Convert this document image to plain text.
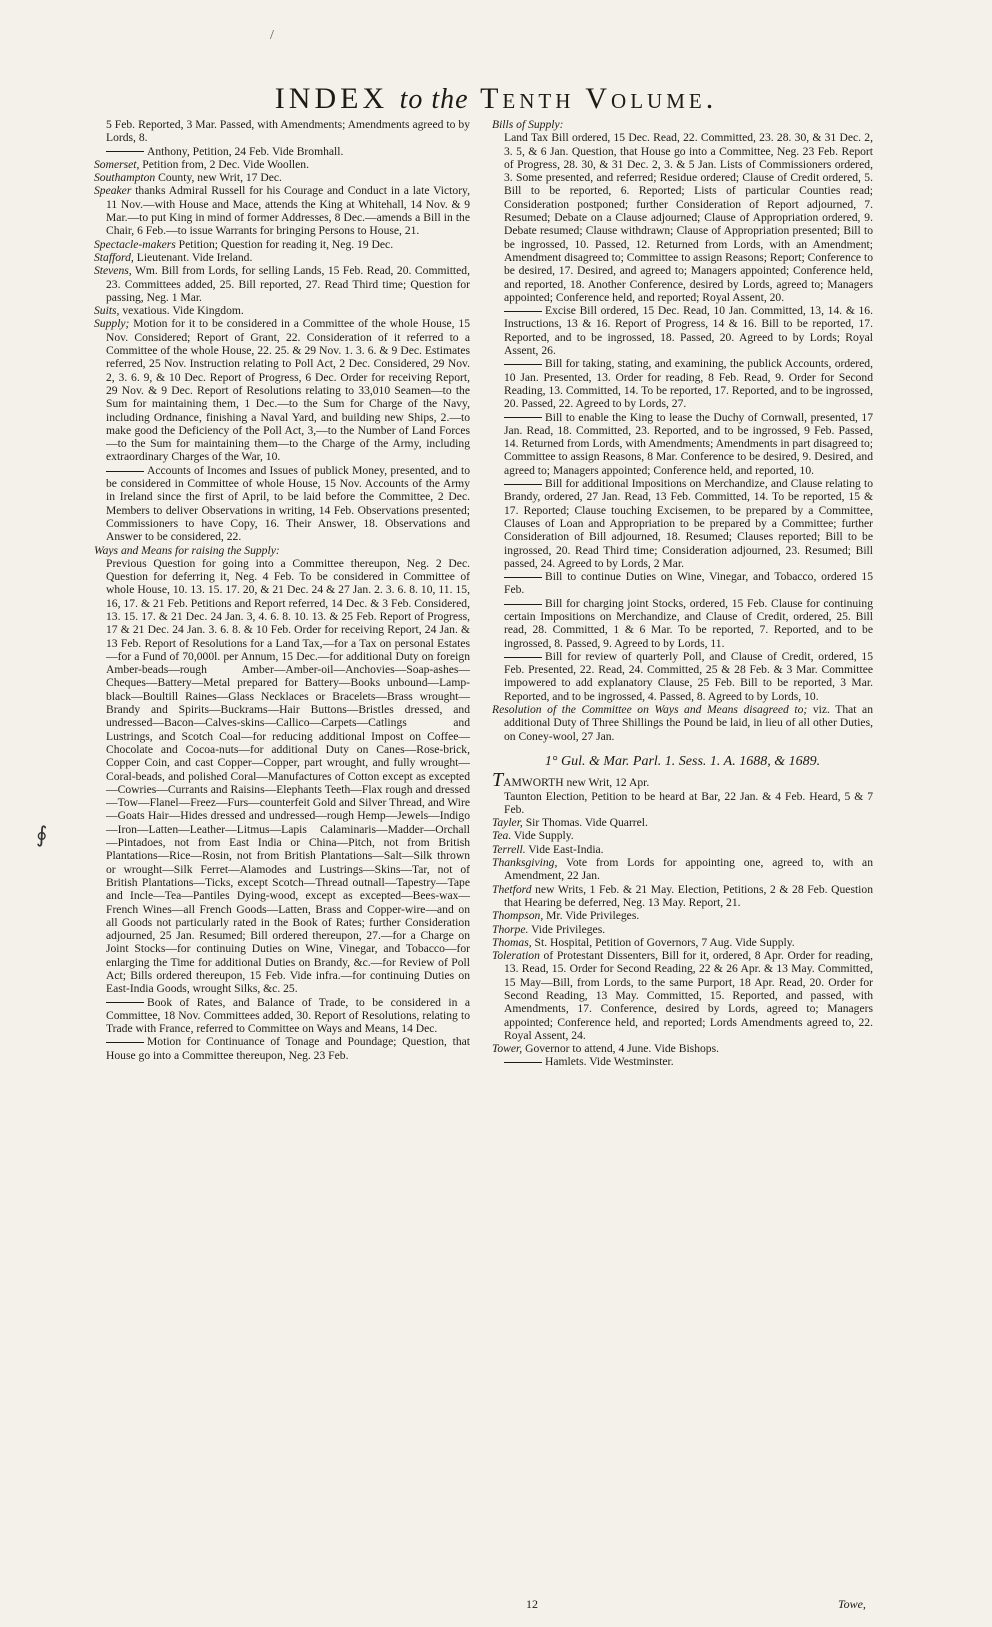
/
∮
INDEX to the Tenth Volume.

5 Feb. Reported, 3 Mar. Passed, with Amendments; Amendments agreed to by Lords, 8.

Anthony, Petition, 24 Feb. Vide Bromhall.

Somerset, Petition from, 2 Dec. Vide Woollen.

Southampton County, new Writ, 17 Dec.

Speaker thanks Admiral Russell for his Courage and Conduct in a late Victory, 11 Nov.—with House and Mace, attends the King at Whitehall, 14 Nov. & 9 Mar.—to put King in mind of former Addresses, 8 Dec.—amends a Bill in the Chair, 6 Feb.—to issue Warrants for bringing Persons to House, 21.

Spectacle-makers Petition; Question for reading it, Neg. 19 Dec.

Stafford, Lieutenant. Vide Ireland.

Stevens, Wm. Bill from Lords, for selling Lands, 15 Feb. Read, 20. Committed, 23. Committees added, 25. Bill reported, 27. Read Third time; Question for passing, Neg. 1 Mar.

Suits, vexatious. Vide Kingdom.

Supply; Motion for it to be considered in a Committee of the whole House, 15 Nov. Considered; Report of Grant, 22. Consideration of it referred to a Committee of the whole House, 22. 25. & 29 Nov. 1. 3. 6. & 9 Dec. Estimates referred, 25 Nov. Instruction relating to Poll Act, 2 Dec. Considered, 29 Nov. 2, 3. 6. 9, & 10 Dec. Report of Progress, 6 Dec. Order for receiving Report, 29 Nov. & 9 Dec. Report of Resolutions relating to 33,010 Seamen—to the Sum for maintaining them, 1 Dec.—to the Sum for Charge of the Navy, including Ordnance, finishing a Naval Yard, and building new Ships, 2.—to make good the Deficiency of the Poll Act, 3,—to the Number of Land Forces—to the Sum for maintaining them—to the Charge of the Army, including extraordinary Charges of the War, 10.

Accounts of Incomes and Issues of publick Money, presented, and to be considered in Committee of whole House, 15 Nov. Accounts of the Army in Ireland since the first of April, to be laid before the Committee, 2 Dec. Members to deliver Observations in writing, 14 Feb. Observations presented; Commissioners to have Copy, 16. Their Answer, 18. Observations and Answer to be considered, 22.

Ways and Means for raising the Supply:

Previous Question for going into a Committee thereupon, Neg. 2 Dec. Question for deferring it, Neg. 4 Feb. To be considered in Committee of whole House, 10. 13. 15. 17. 20, & 21 Dec. 24 & 27 Jan. 2. 3. 6. 8. 10, 11. 15, 16, 17. & 21 Feb. Petitions and Report referred, 14 Dec. & 3 Feb. Considered, 13. 15. 17. & 21 Dec. 24 Jan. 3, 4. 6. 8. 10. 13. & 25 Feb. Report of Progress, 17 & 21 Dec. 24 Jan. 3. 6. 8. & 10 Feb. Order for receiving Report, 24 Jan. & 13 Feb. Report of Resolutions for a Land Tax,—for a Tax on personal Estates—for a Fund of 70,000l. per Annum, 15 Dec.—for additional Duty on foreign Amber-beads—rough Amber—Amber-oil—Anchovies—Soap-ashes—Cheques—Battery—Metal prepared for Battery—Books unbound—Lamp-black—Boultill Raines—Glass Necklaces or Bracelets—Brass wrought—Brandy and Spirits—Buckrams—Hair Buttons—Bristles dressed, and undressed—Bacon—Calves-skins—Callico—Carpets—Catlings and Lustrings, and Scotch Coal—for reducing additional Impost on Coffee—Chocolate and Cocoa-nuts—for additional Duty on Canes—Rose-brick, Copper Coin, and cast Copper—Copper, part wrought, and fully wrought—Coral-beads, and polished Coral—Manufactures of Cotton except as excepted—Cowries—Currants and Raisins—Elephants Teeth—Flax rough and dressed—Tow—Flanel—Freez—Furs—counterfeit Gold and Silver Thread, and Wire—Goats Hair—Hides dressed and undressed—rough Hemp—Jewels—Indigo—Iron—Latten—Leather—Litmus—Lapis Calaminaris—Madder—Orchall—Pintadoes, not from East India or China—Pitch, not from British Plantations—Rice—Rosin, not from British Plantations—Salt—Silk thrown or wrought—Silk Ferret—Alamodes and Lustrings—Skins—Tar, not of British Plantations—Ticks, except Scotch—Thread outnall—Tapestry—Tape and Incle—Tea—Pantiles Dying-wood, except as excepted—Bees-wax—French Wines—all French Goods—Latten, Brass and Copper-wire—and on all Goods not particularly rated in the Book of Rates; further Consideration adjourned, 25 Jan. Resumed; Bill ordered thereupon, 27.—for a Charge on Joint Stocks—for continuing Duties on Wine, Vinegar, and Tobacco—for enlarging the Time for additional Duties on Brandy, &c.—for Review of Poll Act; Bills ordered thereupon, 15 Feb. Vide infra.—for continuing Duties on East-India Goods, wrought Silks, &c. 25.

Book of Rates, and Balance of Trade, to be considered in a Committee, 18 Nov. Committees added, 30. Report of Resolutions, relating to Trade with France, referred to Committee on Ways and Means, 14 Dec.

Motion for Continuance of Tonage and Poundage; Question, that House go into a Committee thereupon, Neg. 23 Feb.

Bills of Supply:

Land Tax Bill ordered, 15 Dec. Read, 22. Committed, 23. 28. 30, & 31 Dec. 2, 3. 5, & 6 Jan. Question, that House go into a Committee, Neg. 23 Feb. Report of Progress, 28. 30, & 31 Dec. 2, 3. & 5 Jan. Lists of Commissioners ordered, 3. Some presented, and referred; Residue ordered; Clause of Credit ordered, 5. Bill to be reported, 6. Reported; Lists of particular Counties read; Consideration postponed; further Consideration of Report adjourned, 7. Resumed; Debate on a Clause adjourned; Clause of Appropriation ordered, 9. Debate resumed; Clause withdrawn; Clause of Appropriation presented; Bill to be ingrossed, 10. Passed, 12. Returned from Lords, with an Amendment; Amendment disagreed to; Committee to assign Reasons; Report; Conference to be desired, 17. Desired, and agreed to; Managers appointed; Conference held, and reported, 18. Another Conference, desired by Lords, agreed to; Managers appointed; Conference held, and reported; Royal Assent, 20.

Excise Bill ordered, 15 Dec. Read, 10 Jan. Committed, 13, 14. & 16. Instructions, 13 & 16. Report of Progress, 14 & 16. Bill to be reported, 17. Reported, and to be ingrossed, 18. Passed, 20. Agreed to by Lords; Royal Assent, 26.

Bill for taking, stating, and examining, the publick Accounts, ordered, 10 Jan. Presented, 13. Order for reading, 8 Feb. Read, 9. Order for Second Reading, 13. Committed, 14. To be reported, 17. Reported, and to be ingrossed, 20. Passed, 22. Agreed to by Lords, 27.

Bill to enable the King to lease the Duchy of Cornwall, presented, 17 Jan. Read, 18. Committed, 23. Reported, and to be ingrossed, 9 Feb. Passed, 14. Returned from Lords, with Amendments; Amendments in part disagreed to; Committee to assign Reasons, 8 Mar. Conference to be desired, 9. Desired, and agreed to; Managers appointed; Conference held, and reported, 10.

Bill for additional Impositions on Merchandize, and Clause relating to Brandy, ordered, 27 Jan. Read, 13 Feb. Committed, 14. To be reported, 15 & 17. Reported; Clause touching Excisemen, to be prepared by a Committee, Clauses of Loan and Appropriation to be prepared by a Committee; further Consideration of Bill adjourned, 18. Resumed; Clauses reported; Bill to be ingrossed, 20. Read Third time; Consideration adjourned, 23. Resumed; Bill passed, 24. Agreed to by Lords, 2 Mar.

Bill to continue Duties on Wine, Vinegar, and Tobacco, ordered 15 Feb.

Bill for charging joint Stocks, ordered, 15 Feb. Clause for continuing certain Impositions on Merchandize, and Clause of Credit, ordered, 25. Bill read, 28. Committed, 1 & 6 Mar. To be reported, 7. Reported, and to be ingrossed, 8. Passed, 9. Agreed to by Lords, 11.

Bill for review of quarterly Poll, and Clause of Credit, ordered, 15 Feb. Presented, 22. Read, 24. Committed, 25 & 28 Feb. & 3 Mar. Committee impowered to add explanatory Clause, 25 Feb. Bill to be reported, 3 Mar. Reported, and to be ingrossed, 4. Passed, 8. Agreed to by Lords, 10.

Resolution of the Committee on Ways and Means disagreed to; viz. That an additional Duty of Three Shillings the Pound be laid, in lieu of all other Duties, on Coney-wool, 27 Jan.

1° Gul. & Mar. Parl. 1. Sess. 1. A. 1688, & 1689.

TAMWORTH new Writ, 12 Apr.

Taunton Election, Petition to be heard at Bar, 22 Jan. & 4 Feb. Heard, 5 & 7 Feb.

Tayler, Sir Thomas. Vide Quarrel.

Tea. Vide Supply.

Terrell. Vide East-India.

Thanksgiving, Vote from Lords for appointing one, agreed to, with an Amendment, 22 Jan.

Thetford new Writs, 1 Feb. & 21 May. Election, Petitions, 2 & 28 Feb. Question that Hearing be deferred, Neg. 13 May. Report, 21.

Thompson, Mr. Vide Privileges.

Thorpe. Vide Privileges.

Thomas, St. Hospital, Petition of Governors, 7 Aug. Vide Supply.

Toleration of Protestant Dissenters, Bill for it, ordered, 8 Apr. Order for reading, 13. Read, 15. Order for Second Reading, 22 & 26 Apr. & 13 May. Committed, 15 May—Bill, from Lords, to the same Purport, 18 Apr. Read, 20. Order for Second Reading, 13 May. Committed, 15. Reported, and passed, with Amendments, 17. Conference, desired by Lords, agreed to; Managers appointed; Conference held, and reported; Lords Amendments agreed to, 22. Royal Assent, 24.

Tower, Governor to attend, 4 June. Vide Bishops.

Hamlets. Vide Westminster.

12	Towe,
